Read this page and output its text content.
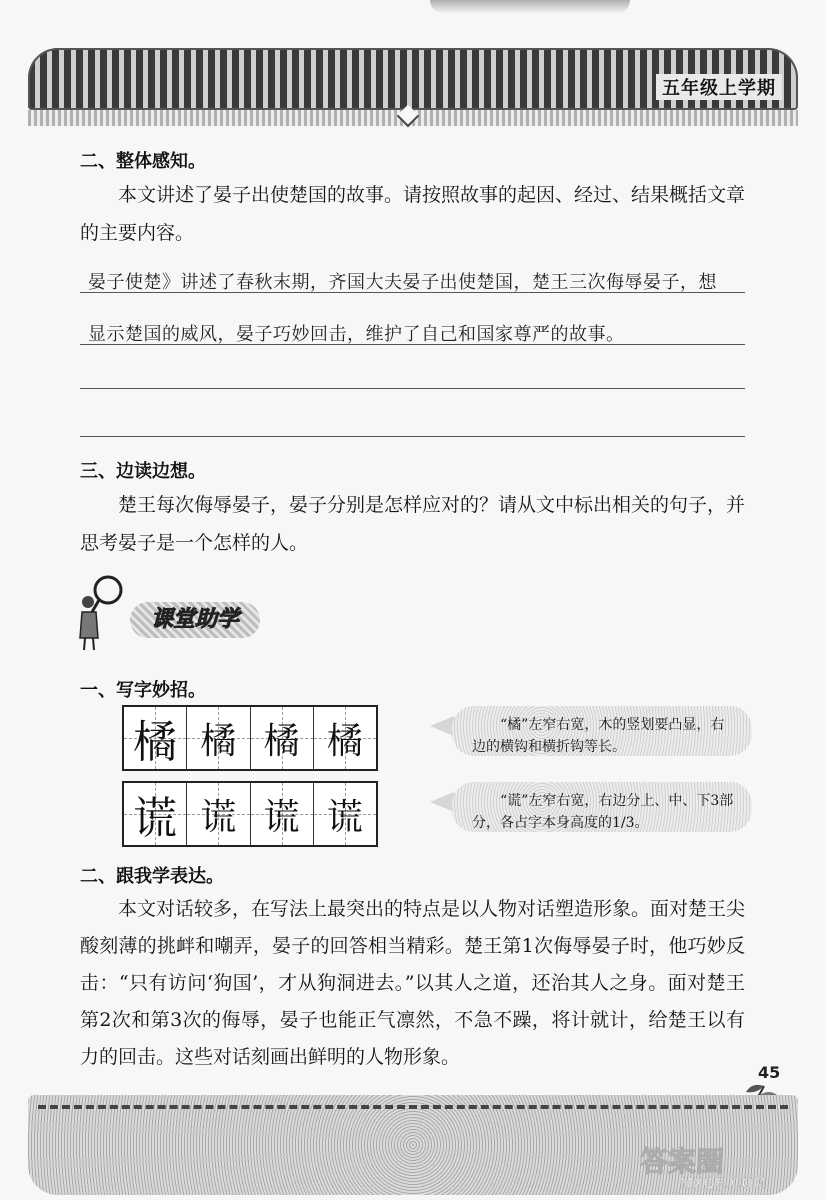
五年级上学期
二、整体感知。
本文讲述了晏子出使楚国的故事。请按照故事的起因、经过、结果概括文章的主要内容。
晏子使楚》讲述了春秋末期，齐国大夫晏子出使楚国，楚王三次侮辱晏子，想
显示楚国的威风，晏子巧妙回击，维护了自己和国家尊严的故事。
三、边读边想。
楚王每次侮辱晏子，晏子分别是怎样应对的？请从文中标出相关的句子，并思考晏子是一个怎样的人。
课堂助学
一、写字妙招。
橘 橘 橘 橘	“橘”左窄右宽，木的竖划要凸显，右边的横钩和横折钩等长。
谎 谎 谎 谎	“谎”左窄右宽，右边分上、中、下3部分，各占字本身高度的1/3。
二、跟我学表达。
本文对话较多，在写法上最突出的特点是以人物对话塑造形象。面对楚王尖酸刻薄的挑衅和嘲弄，晏子的回答相当精彩。楚王第1次侮辱晏子时，他巧妙反击：“只有访问‘狗国’，才从狗洞进去。”以其人之道，还治其人之身。面对楚王第2次和第3次的侮辱，晏子也能正气凛然，不急不躁，将计就计，给楚王以有力的回击。这些对话刻画出鲜明的人物形象。
45
答案圈
MXQE.COM
